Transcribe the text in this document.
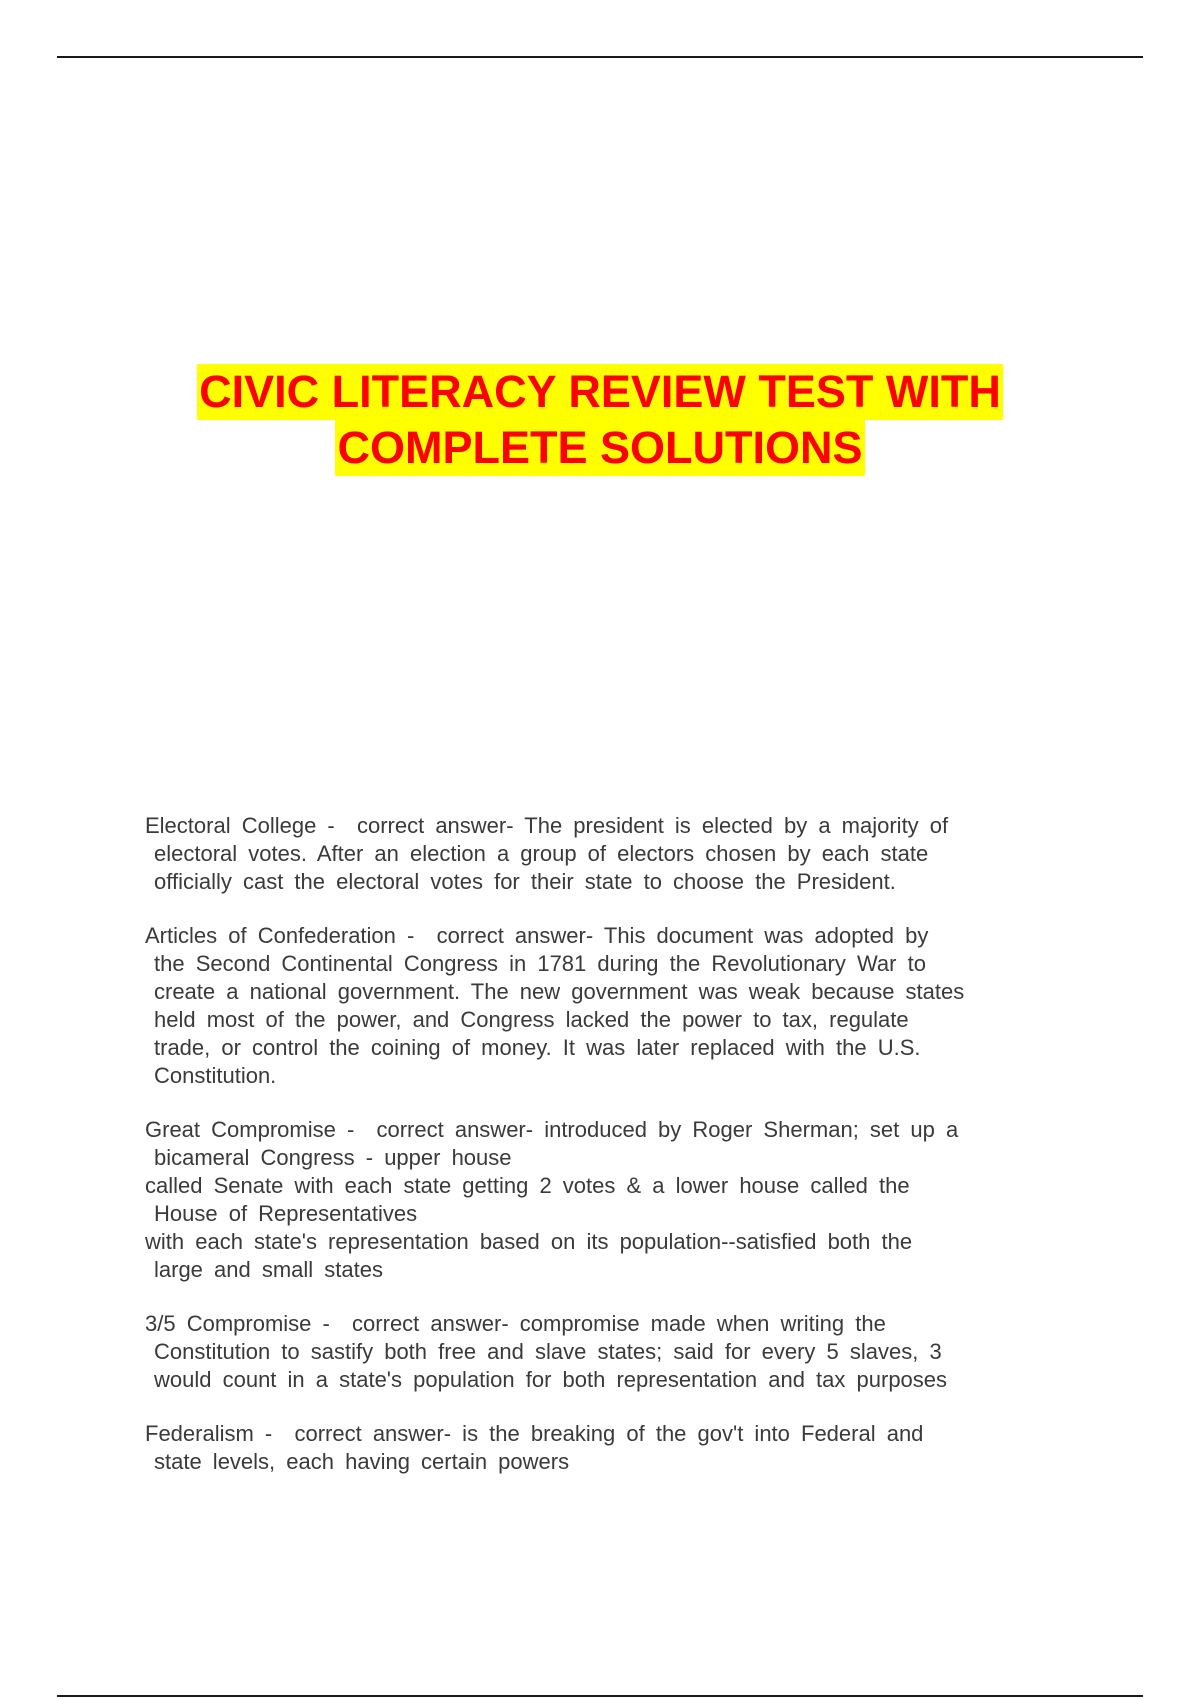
CIVIC LITERACY REVIEW TEST WITH
COMPLETE SOLUTIONS

Electoral College -  correct answer- The president is elected by a majority of

electoral votes. After an election a group of electors chosen by each state

officially cast the electoral votes for their state to choose the President.

Articles of Confederation -  correct answer- This document was adopted by

the Second Continental Congress in 1781 during the Revolutionary War to

create a national government. The new government was weak because states

held most of the power, and Congress lacked the power to tax, regulate

trade, or control the coining of money. It was later replaced with the U.S.

Constitution.

Great Compromise -  correct answer- introduced by Roger Sherman; set up a

bicameral Congress - upper house

called Senate with each state getting 2 votes & a lower house called the

House of Representatives

with each state's representation based on its population--satisfied both the

large and small states

3/5 Compromise -  correct answer- compromise made when writing the

Constitution to sastify both free and slave states; said for every 5 slaves, 3

would count in a state's population for both representation and tax purposes

Federalism -  correct answer- is the breaking of the gov't into Federal and

state levels, each having certain powers
